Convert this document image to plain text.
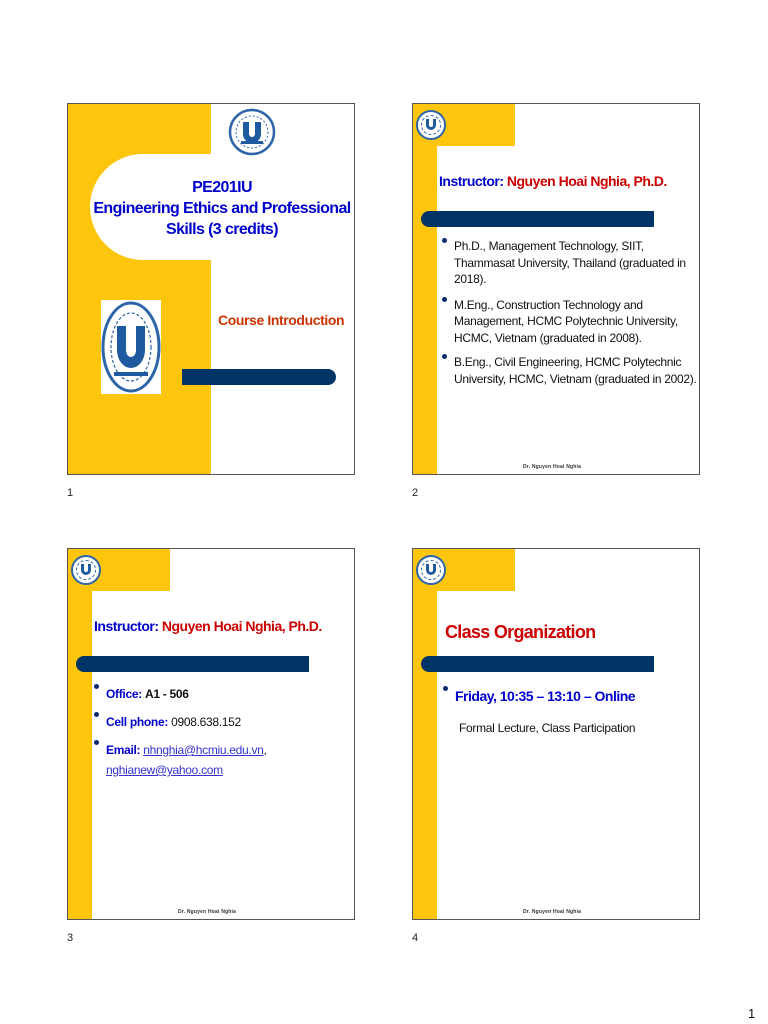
PE201IU
Engineering Ethics and Professional
Skills (3 credits)
Course Introduction
1
Instructor: Nguyen Hoai Nghia, Ph.D.
Ph.D., Management Technology, SIIT, Thammasat University, Thailand (graduated in 2018).
M.Eng., Construction Technology and Management, HCMC Polytechnic University, HCMC, Vietnam (graduated in 2008).
B.Eng., Civil Engineering, HCMC Polytechnic University, HCMC, Vietnam (graduated in 2002).
Dr. Nguyen Hoai Nghia
2
Instructor: Nguyen Hoai Nghia, Ph.D.
Office: A1 - 506
Cell phone: 0908.638.152
Email: nhnghia@hcmiu.edu.vn,
nghianew@yahoo.com
Dr. Nguyen Hoai Nghia
3
Class Organization
Friday, 10:35 – 13:10 – Online
Formal Lecture, Class Participation
Dr. Nguyen Hoai Nghia
4
1
